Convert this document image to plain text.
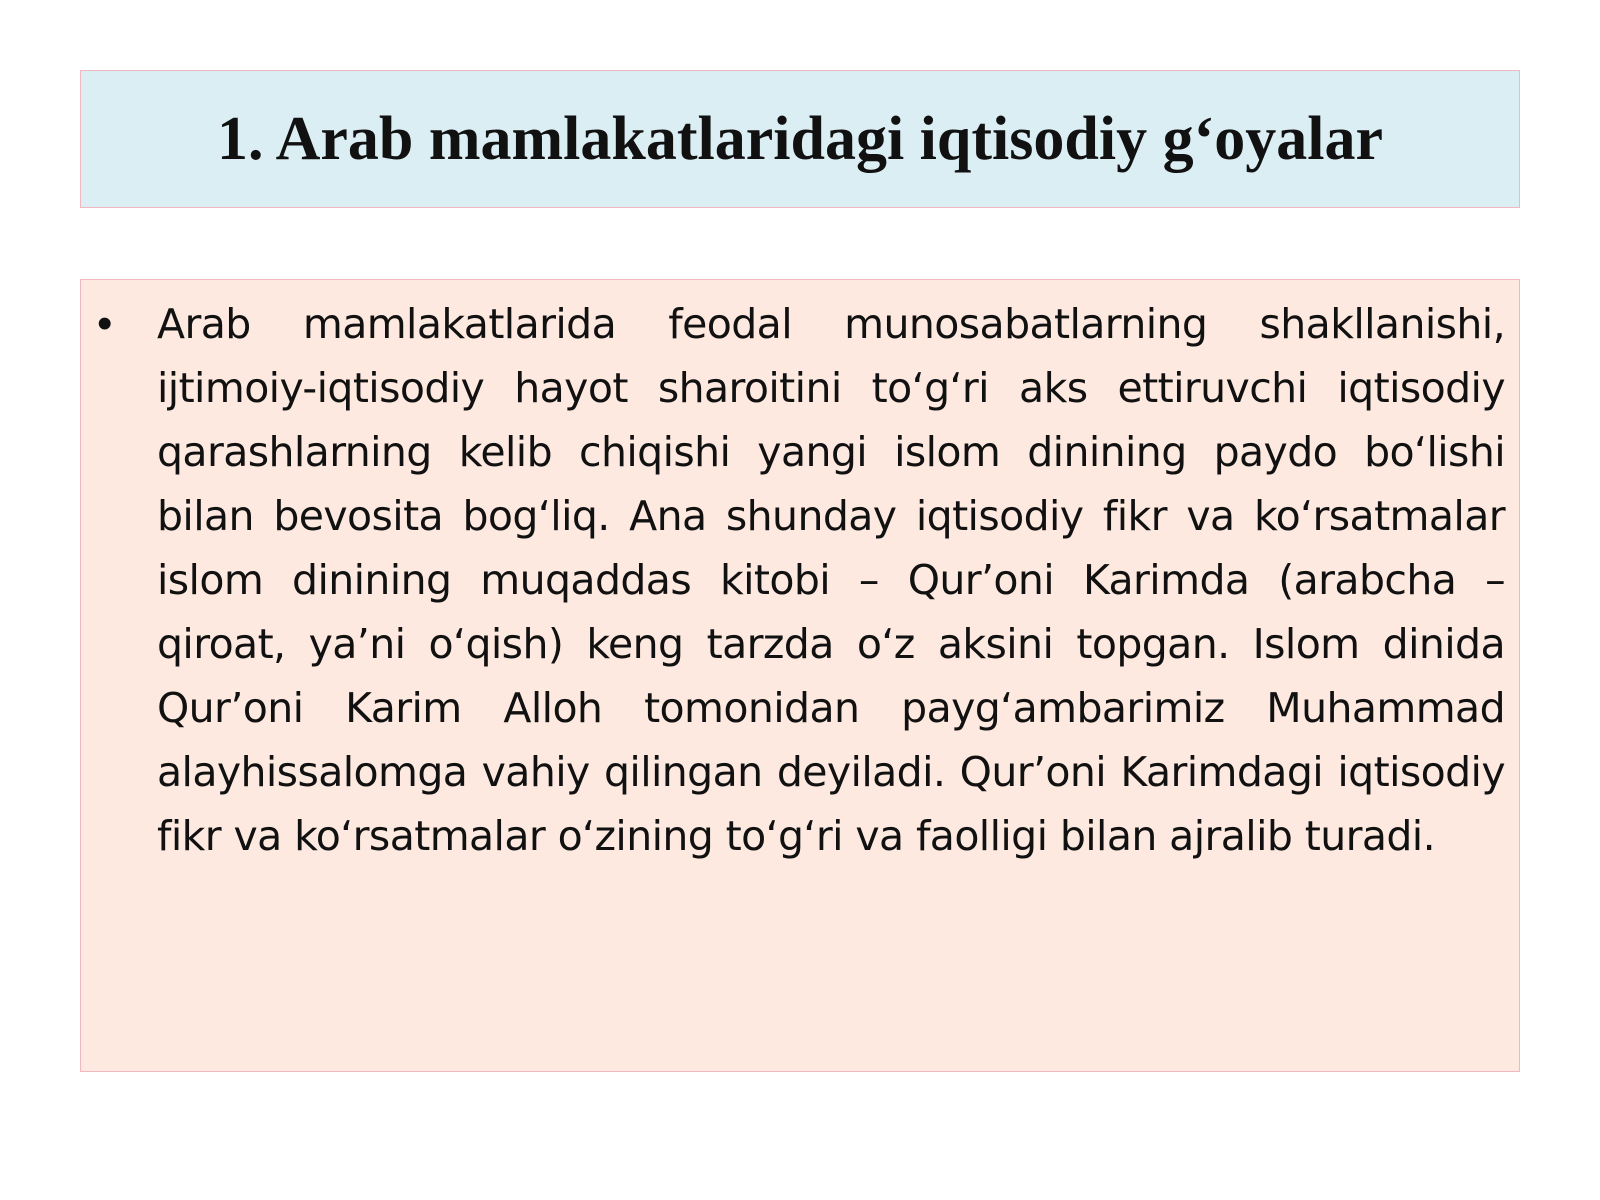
1. Arab mamlakatlaridagi iqtisodiy g‘oyalar
• Arab mamlakatlarida feodal munosabatlarning shakllanishi, ijtimoiy-iqtisodiy hayot sharoitini to‘g‘ri aks ettiruvchi iqtisodiy qarashlarning kelib chiqishi yangi islom dinining paydo bo‘lishi bilan bevosita bog‘liq. Ana shunday iqtisodiy fikr va ko‘rsatmalar islom dinining muqaddas kitobi – Qur’oni Karimda (arabcha – qiroat, ya’ni o‘qish) keng tarzda o‘z aksini topgan. Islom dinida Qur’oni Karim Alloh tomonidan payg‘ambarimiz Muhammad alayhissalomga vahiy qilingan deyiladi. Qur’oni Karimdagi iqtisodiy fikr va ko‘rsatmalar o‘zining to‘g‘ri va faolligi bilan ajralib turadi.
